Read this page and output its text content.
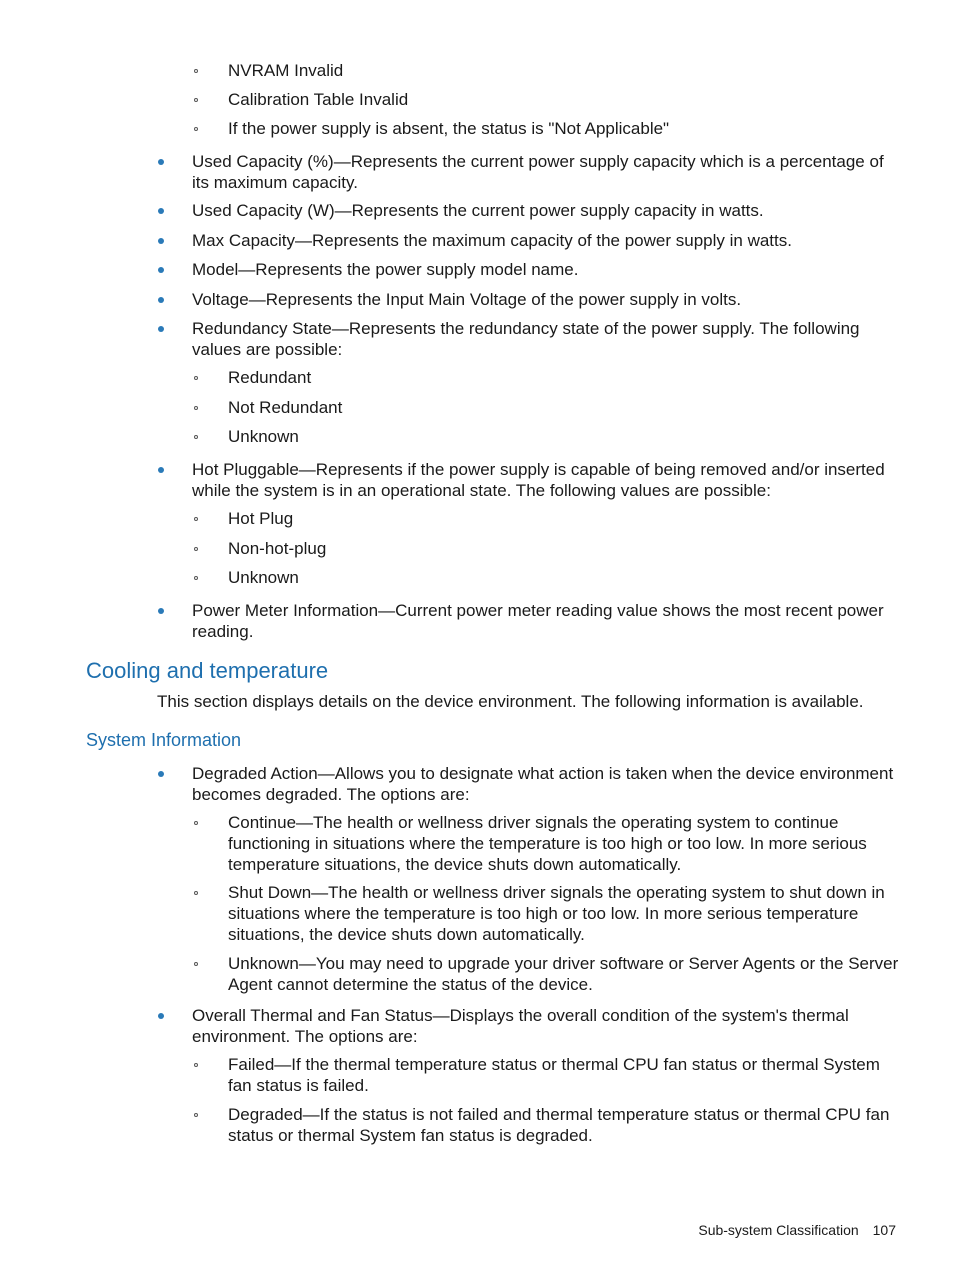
NVRAM Invalid
Calibration Table Invalid
If the power supply is absent, the status is "Not Applicable"
Used Capacity (%)—Represents the current power supply capacity which is a percentage of its maximum capacity.
Used Capacity (W)—Represents the current power supply capacity in watts.
Max Capacity—Represents the maximum capacity of the power supply in watts.
Model—Represents the power supply model name.
Voltage—Represents the Input Main Voltage of the power supply in volts.
Redundancy State—Represents the redundancy state of the power supply. The following values are possible:
Redundant
Not Redundant
Unknown
Hot Pluggable—Represents if the power supply is capable of being removed and/or inserted while the system is in an operational state. The following values are possible:
Hot Plug
Non-hot-plug
Unknown
Power Meter Information—Current power meter reading value shows the most recent power reading.
Cooling and temperature
This section displays details on the device environment. The following information is available.
System Information
Degraded Action—Allows you to designate what action is taken when the device environment becomes degraded. The options are:
Continue—The health or wellness driver signals the operating system to continue functioning in situations where the temperature is too high or too low. In more serious temperature situations, the device shuts down automatically.
Shut Down—The health or wellness driver signals the operating system to shut down in situations where the temperature is too high or too low. In more serious temperature situations, the device shuts down automatically.
Unknown—You may need to upgrade your driver software or Server Agents or the Server Agent cannot determine the status of the device.
Overall Thermal and Fan Status—Displays the overall condition of the system's thermal environment. The options are:
Failed—If the thermal temperature status or thermal CPU fan status or thermal System fan status is failed.
Degraded—If the status is not failed and thermal temperature status or thermal CPU fan status or thermal System fan status is degraded.
Sub-system Classification 107
